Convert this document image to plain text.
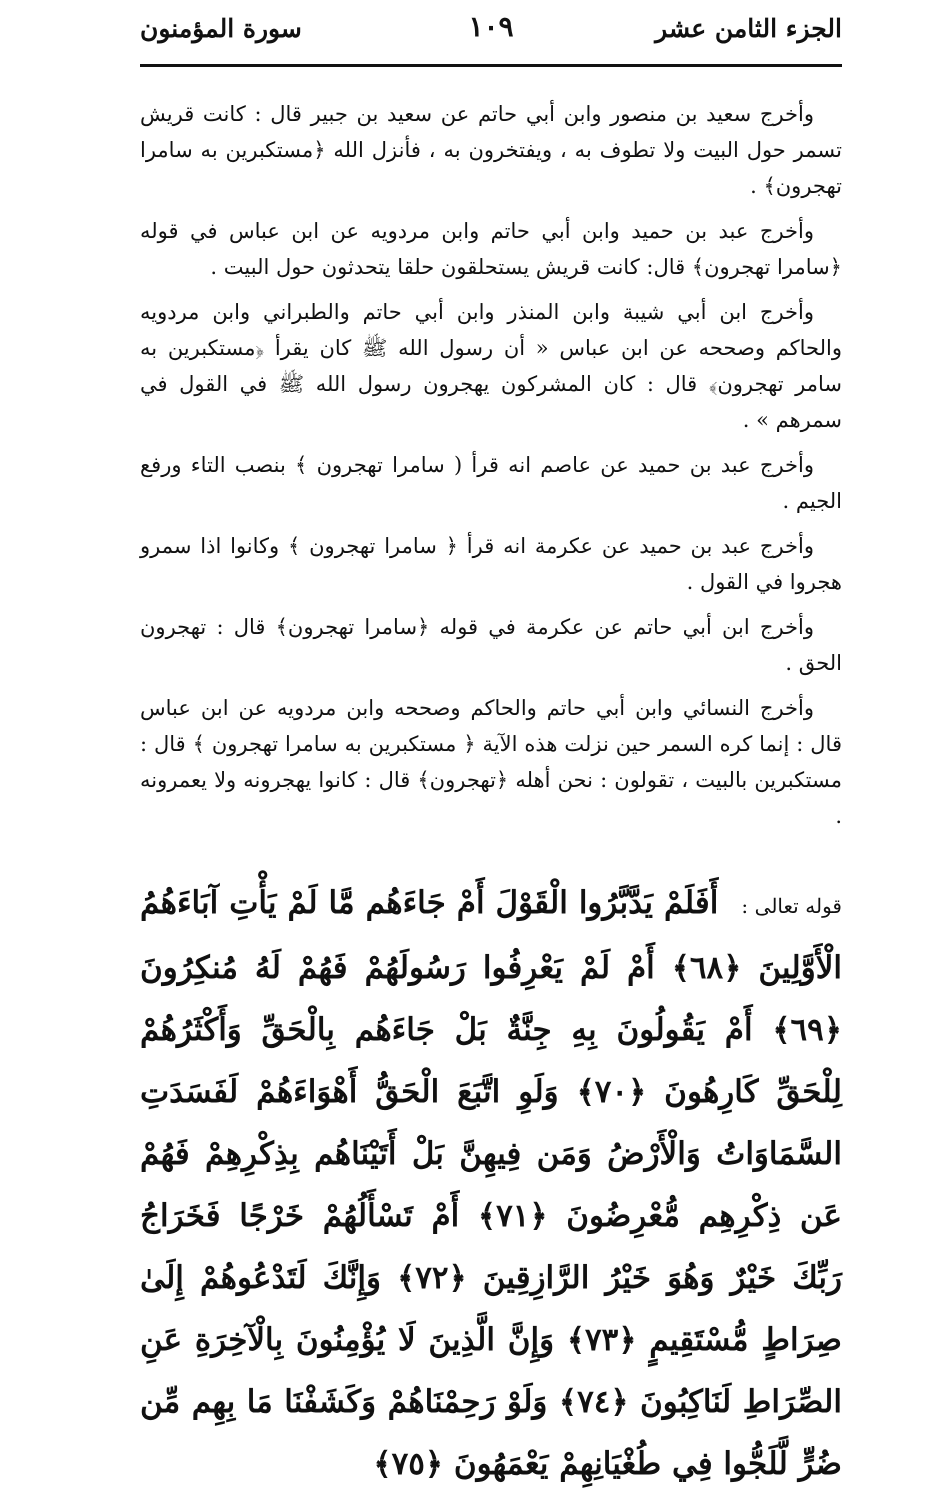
الجزء الثامن عشر
١٠٩
سورة المؤمنون

وأخرج سعيد بن منصور وابن أبي حاتم عن سعيد بن جبير قال : كانت قريش تسمر حول البيت ولا تطوف به ، ويفتخرون به ، فأنزل الله ﴿مستكبرين به سامرا تهجرون﴾ .

وأخرج عبد بن حميد وابن أبي حاتم وابن مردويه عن ابن عباس في قوله ﴿سامرا تهجرون﴾ قال: كانت قريش يستحلقون حلقا يتحدثون حول البيت .

وأخرج ابن أبي شيبة وابن المنذر وابن أبي حاتم والطبراني وابن مردويه والحاكم وصححه عن ابن عباس « أن رسول الله ﷺ كان يقرأ ﴿مستكبرين به سامر تهجرون﴾ قال : كان المشركون يهجرون رسول الله ﷺ في القول في سمرهم » .

وأخرج عبد بن حميد عن عاصم انه قرأ ( سامرا تهجرون ﴾ بنصب التاء ورفع الجيم .

وأخرج عبد بن حميد عن عكرمة انه قرأ ﴿ سامرا تهجرون ﴾ وكانوا اذا سمرو هجروا في القول .

وأخرج ابن أبي حاتم عن عكرمة في قوله ﴿سامرا تهجرون﴾ قال : تهجرون الحق .

وأخرج النسائي وابن أبي حاتم والحاكم وصححه وابن مردويه عن ابن عباس قال : إنما كره السمر حين نزلت هذه الآية ﴿ مستكبرين به سامرا تهجرون ﴾ قال : مستكبرين بالبيت ، تقولون : نحن أهله ﴿تهجرون﴾ قال : كانوا يهجرونه ولا يعمرونه .

قوله تعالى : أَفَلَمْ يَدَّبَّرُوا الْقَوْلَ أَمْ جَاءَهُم مَّا لَمْ يَأْتِ آبَاءَهُمُ الْأَوَّلِينَ ﴿٦٨﴾ أَمْ لَمْ يَعْرِفُوا رَسُولَهُمْ فَهُمْ لَهُ مُنكِرُونَ ﴿٦٩﴾ أَمْ يَقُولُونَ بِهِ جِنَّةٌ بَلْ جَاءَهُم بِالْحَقِّ وَأَكْثَرُهُمْ لِلْحَقِّ كَارِهُونَ ﴿٧٠﴾ وَلَوِ اتَّبَعَ الْحَقُّ أَهْوَاءَهُمْ لَفَسَدَتِ السَّمَاوَاتُ وَالْأَرْضُ وَمَن فِيهِنَّ بَلْ أَتَيْنَاهُم بِذِكْرِهِمْ فَهُمْ عَن ذِكْرِهِم مُّعْرِضُونَ ﴿٧١﴾ أَمْ تَسْأَلُهُمْ خَرْجًا فَخَرَاجُ رَبِّكَ خَيْرٌ وَهُوَ خَيْرُ الرَّازِقِينَ ﴿٧٢﴾ وَإِنَّكَ لَتَدْعُوهُمْ إِلَىٰ صِرَاطٍ مُّسْتَقِيمٍ ﴿٧٣﴾ وَإِنَّ الَّذِينَ لَا يُؤْمِنُونَ بِالْآخِرَةِ عَنِ الصِّرَاطِ لَنَاكِبُونَ ﴿٧٤﴾ وَلَوْ رَحِمْنَاهُمْ وَكَشَفْنَا مَا بِهِم مِّن ضُرٍّ لَّلَجُّوا فِي طُغْيَانِهِمْ يَعْمَهُونَ ﴿٧٥﴾
